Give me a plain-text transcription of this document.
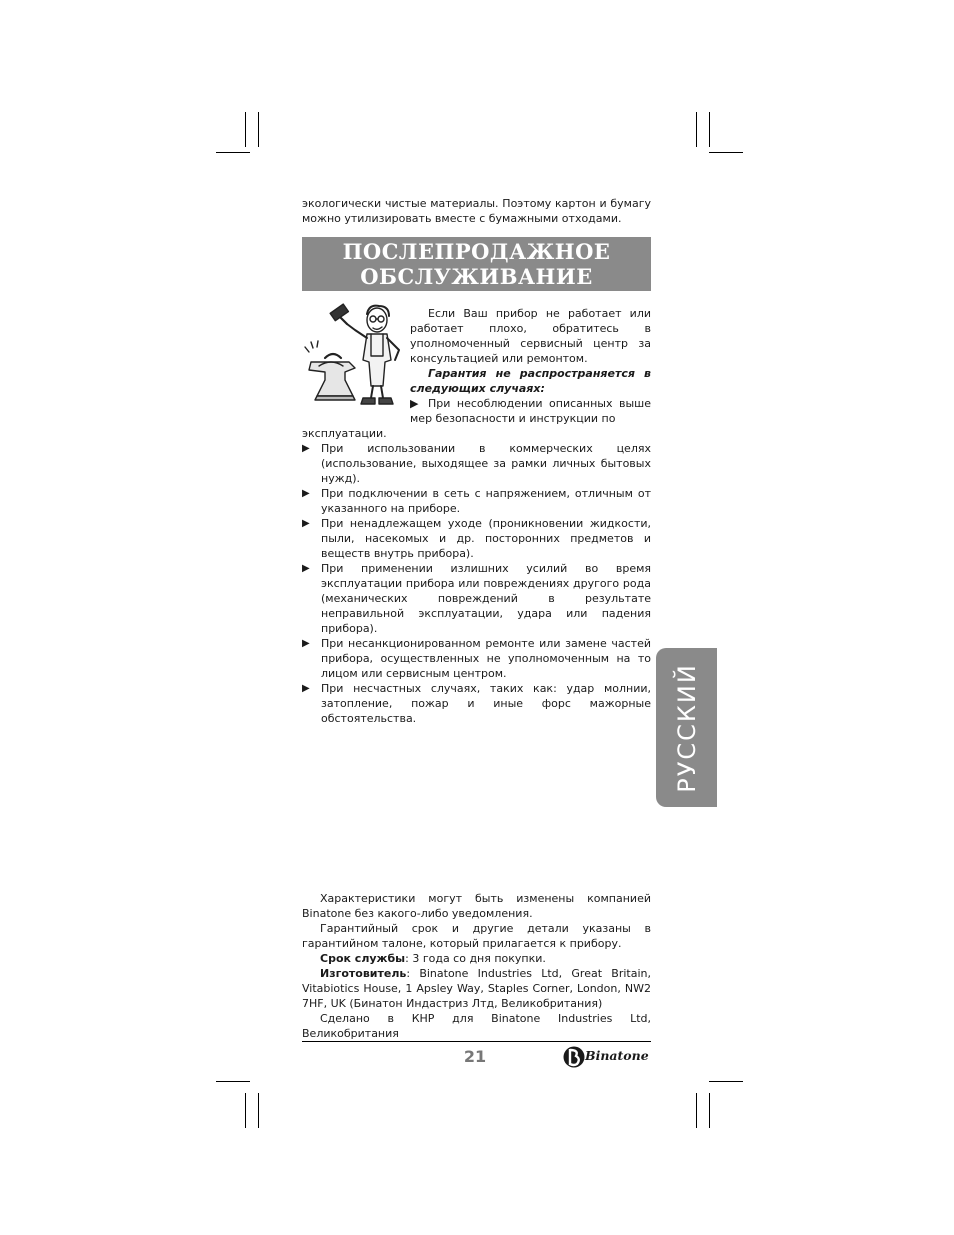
экологически чистые материалы. Поэтому картон и бумагу можно утилизировать вместе с бумажными отходами.

ПОСЛЕПРОДАЖНОЕ
ОБСЛУЖИВАНИЕ

Если Ваш прибор не работает или работает плохо, обратитесь в уполномоченный сервисный центр за консультацией или ремонтом.

Гарантия не распространяется в следующих случаях:

▶ При несоблюдении описанных выше мер безопасности и инструкции по

эксплуатации.

▶ При использовании в коммерческих целях (использование, выходящее за рамки личных бытовых нужд).

▶ При подключении в сеть с напряжением, отличным от указанного на приборе.

▶ При ненадлежащем уходе (проникновении жидкости, пыли, насекомых и др. посторонних предметов и веществ внутрь прибора).

▶ При применении излишних усилий во время эксплуатации прибора или повреждениях другого рода (механических повреждений в результате неправильной эксплуатации, удара или падения прибора).

▶ При несанкционированном ремонте или замене частей прибора, осуществленных не уполномоченным на то лицом или сервисным центром.

▶ При несчастных случаях, таких как: удар молнии, затопление, пожар и иные форс мажорные обстоятельства.	РУССКИЙ

Характеристики могут быть изменены компанией Binatone без какого-либо уведомления.

Гарантийный срок и другие детали указаны в гарантийном талоне, который прилагается к прибору.

Срок службы: 3 года со дня покупки.

Изготовитель: Binatone Industries Ltd, Great Britain, Vitabiotics House, 1 Apsley Way, Staples Corner, London, NW2 7HF, UK (Бинатон Индастриз Лтд, Великобритания)

Сделано в КНР для Binatone Industries Ltd, Великобритания

21	Binatone
